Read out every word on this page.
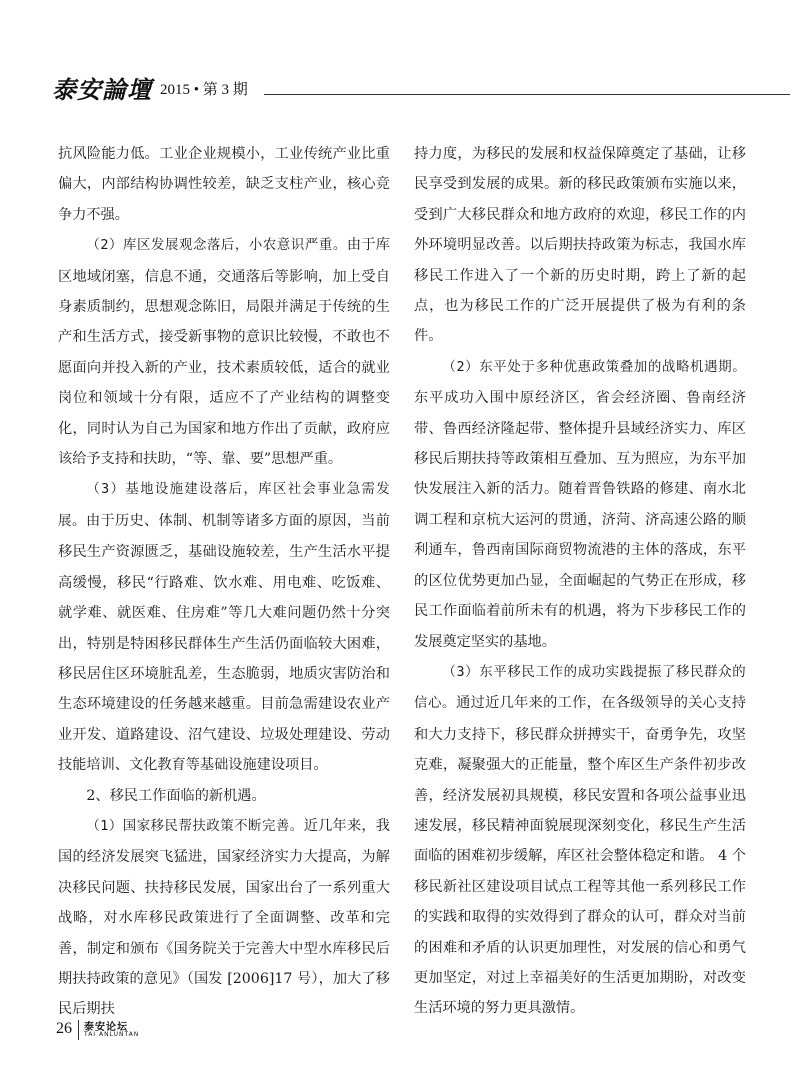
泰安論壇 2015 • 第 3 期

抗风险能力低。工业企业规模小，工业传统产业比重偏大，内部结构协调性较差，缺乏支柱产业，核心竞争力不强。

（2）库区发展观念落后，小农意识严重。由于库区地域闭塞，信息不通，交通落后等影响，加上受自身素质制约，思想观念陈旧，局限并满足于传统的生产和生活方式，接受新事物的意识比较慢，不敢也不愿面向并投入新的产业，技术素质较低，适合的就业岗位和领域十分有限，适应不了产业结构的调整变化，同时认为自己为国家和地方作出了贡献，政府应该给予支持和扶助，“等、靠、要”思想严重。

（3）基地设施建设落后，库区社会事业急需发展。由于历史、体制、机制等诸多方面的原因，当前移民生产资源匮乏，基础设施较差，生产生活水平提高缓慢，移民“行路难、饮水难、用电难、吃饭难、就学难、就医难、住房难”等几大难问题仍然十分突出，特别是特困移民群体生产生活仍面临较大困难，移民居住区环境脏乱差，生态脆弱，地质灾害防治和生态环境建设的任务越来越重。目前急需建设农业产业开发、道路建设、沼气建设、垃圾处理建设、劳动技能培训、文化教育等基础设施建设项目。

2、移民工作面临的新机遇。

（1）国家移民帮扶政策不断完善。近几年来，我国的经济发展突飞猛进，国家经济实力大提高，为解决移民问题、扶持移民发展，国家出台了一系列重大战略，对水库移民政策进行了全面调整、改革和完善，制定和颁布《国务院关于完善大中型水库移民后期扶持政策的意见》（国发 [2006]17 号），加大了移民后期扶

持力度，为移民的发展和权益保障奠定了基础，让移民享受到发展的成果。新的移民政策颁布实施以来，受到广大移民群众和地方政府的欢迎，移民工作的内外环境明显改善。以后期扶持政策为标志，我国水库移民工作进入了一个新的历史时期，跨上了新的起点，也为移民工作的广泛开展提供了极为有利的条件。

（2）东平处于多种优惠政策叠加的战略机遇期。东平成功入围中原经济区，省会经济圈、鲁南经济带、鲁西经济隆起带、整体提升县域经济实力、库区移民后期扶持等政策相互叠加、互为照应，为东平加快发展注入新的活力。随着晋鲁铁路的修建、南水北调工程和京杭大运河的贯通，济菏、济高速公路的顺利通车，鲁西南国际商贸物流港的主体的落成，东平的区位优势更加凸显，全面崛起的气势正在形成，移民工作面临着前所未有的机遇，将为下步移民工作的发展奠定坚实的基地。

（3）东平移民工作的成功实践提振了移民群众的信心。通过近几年来的工作，在各级领导的关心支持和大力支持下，移民群众拼搏实干，奋勇争先，攻坚克难，凝聚强大的正能量，整个库区生产条件初步改善，经济发展初具规模，移民安置和各项公益事业迅速发展，移民精神面貌展现深刻变化，移民生产生活面临的困难初步缓解，库区社会整体稳定和谐。 4 个移民新社区建设项目试点工程等其他一系列移民工作的实践和取得的实效得到了群众的认可，群众对当前的困难和矛盾的认识更加理性，对发展的信心和勇气更加坚定，对过上幸福美好的生活更加期盼，对改变生活环境的努力更具激情。

26 泰安论坛
TAI ANLUNTAN
